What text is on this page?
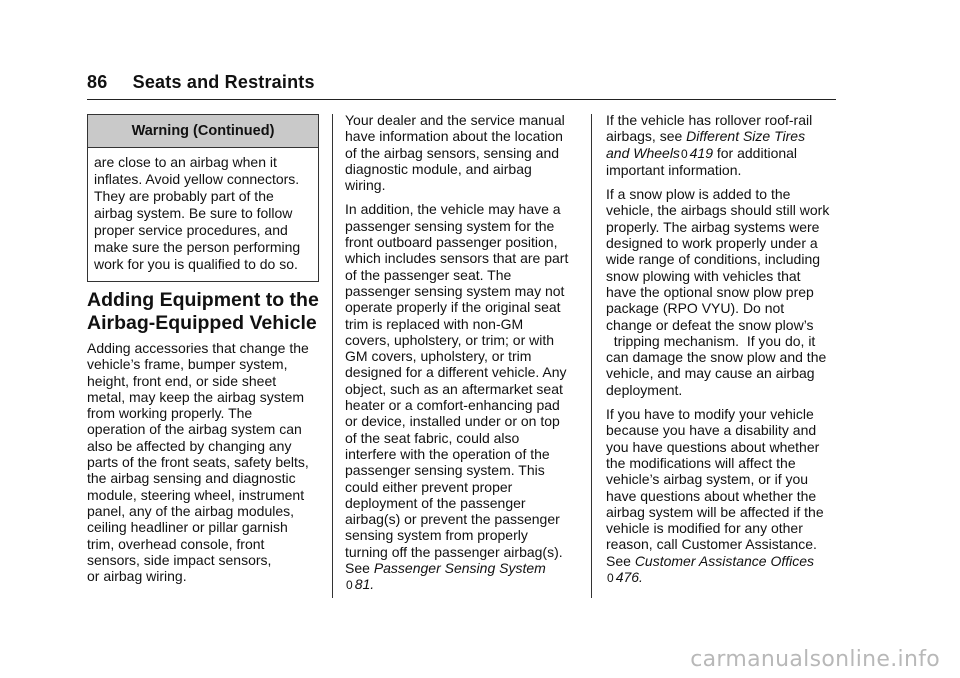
86 Seats and Restraints
Warning (Continued)
are close to an airbag when it
inflates. Avoid yellow connectors.
They are probably part of the
airbag system. Be sure to follow
proper service procedures, and
make sure the person performing
work for you is qualified to do so.
Adding Equipment to the
Airbag-Equipped Vehicle
Adding accessories that change the
vehicle’s frame, bumper system,
height, front end, or side sheet
metal, may keep the airbag system
from working properly. The
operation of the airbag system can
also be affected by changing any
parts of the front seats, safety belts,
the airbag sensing and diagnostic
module, steering wheel, instrument
panel, any of the airbag modules,
ceiling headliner or pillar garnish
trim, overhead console, front
sensors, side impact sensors,
or airbag wiring.

Your dealer and the service manual
have information about the location
of the airbag sensors, sensing and
diagnostic module, and airbag
wiring.

In addition, the vehicle may have a
passenger sensing system for the
front outboard passenger position,
which includes sensors that are part
of the passenger seat. The
passenger sensing system may not
operate properly if the original seat
trim is replaced with non-GM
covers, upholstery, or trim; or with
GM covers, upholstery, or trim
designed for a different vehicle. Any
object, such as an aftermarket seat
heater or a comfort-enhancing pad
or device, installed under or on top
of the seat fabric, could also
interfere with the operation of the
passenger sensing system. This
could either prevent proper
deployment of the passenger
airbag(s) or prevent the passenger
sensing system from properly
turning off the passenger airbag(s).
See Passenger Sensing System
0 81.

If the vehicle has rollover roof-rail
airbags, see Different Size Tires
and Wheels0 419 for additional
important information.

If a snow plow is added to the
vehicle, the airbags should still work
properly. The airbag systems were
designed to work properly under a
wide range of conditions, including
snow plowing with vehicles that
have the optional snow plow prep
package (RPO VYU). Do not
change or defeat the snow plow’s
tripping mechanism.  If you do, it
can damage the snow plow and the
vehicle, and may cause an airbag
deployment.

If you have to modify your vehicle
because you have a disability and
you have questions about whether
the modifications will affect the
vehicle’s airbag system, or if you
have questions about whether the
airbag system will be affected if the
vehicle is modified for any other
reason, call Customer Assistance.
See Customer Assistance Offices
0 476.

carmanualsonline.info
